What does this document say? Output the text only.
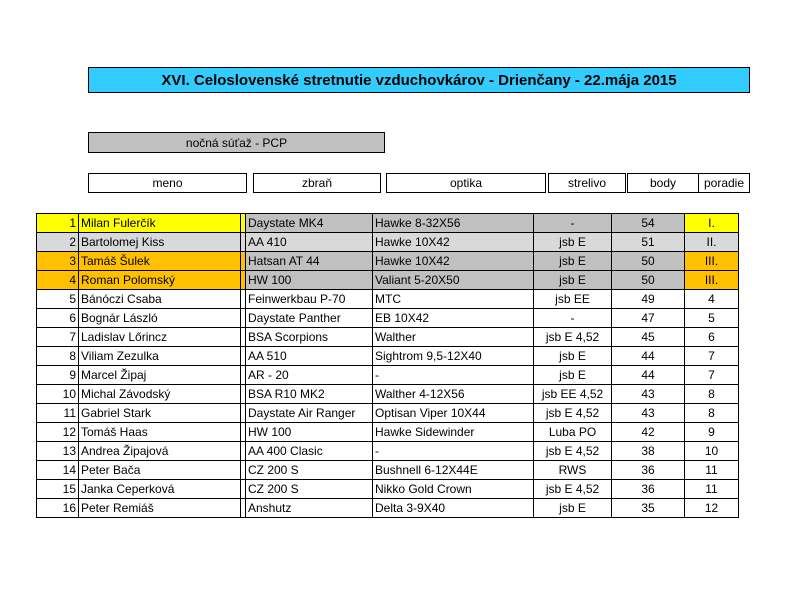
XVI. Celoslovenské stretnutie vzduchovkárov - Drienčany - 22.mája 2015
nočná súťaž - PCP
meno	zbraň	optika	strelivo	body	poradie
1	Milan Fulerčík		Daystate MK4	Hawke 8-32X56	-	54	I.
2	Bartolomej Kiss		AA 410	Hawke 10X42	jsb E	51	II.
3	Tamáš Šulek		Hatsan AT 44	Hawke 10X42	jsb E	50	III.
4	Roman Polomský		HW 100	Valiant 5-20X50	jsb E	50	III.
5	Bánóczi Csaba		Feinwerkbau P-70	MTC	jsb EE	49	4
6	Bognár László		Daystate Panther	EB 10X42	-	47	5
7	Ladislav Lőrincz		BSA Scorpions	Walther	jsb E 4,52	45	6
8	Viliam Zezulka		AA 510	Sightrom 9,5-12X40	jsb E	44	7
9	Marcel Žipaj		AR - 20	-	jsb E	44	7
10	Michal Závodský		BSA R10 MK2	Walther 4-12X56	jsb EE 4,52	43	8
11	Gabriel Stark		Daystate Air Ranger	Optisan Viper 10X44	jsb E 4,52	43	8
12	Tomáš Haas		HW 100	Hawke Sidewinder	Luba PO	42	9
13	Andrea Žipajová		AA 400 Clasic	-	jsb E 4,52	38	10
14	Peter Bača		CZ 200 S	Bushnell 6-12X44E	RWS	36	11
15	Janka Ceperková		CZ 200 S	Nikko Gold Crown	jsb E 4,52	36	11
16	Peter Remiáš		Anshutz	Delta 3-9X40	jsb E	35	12
